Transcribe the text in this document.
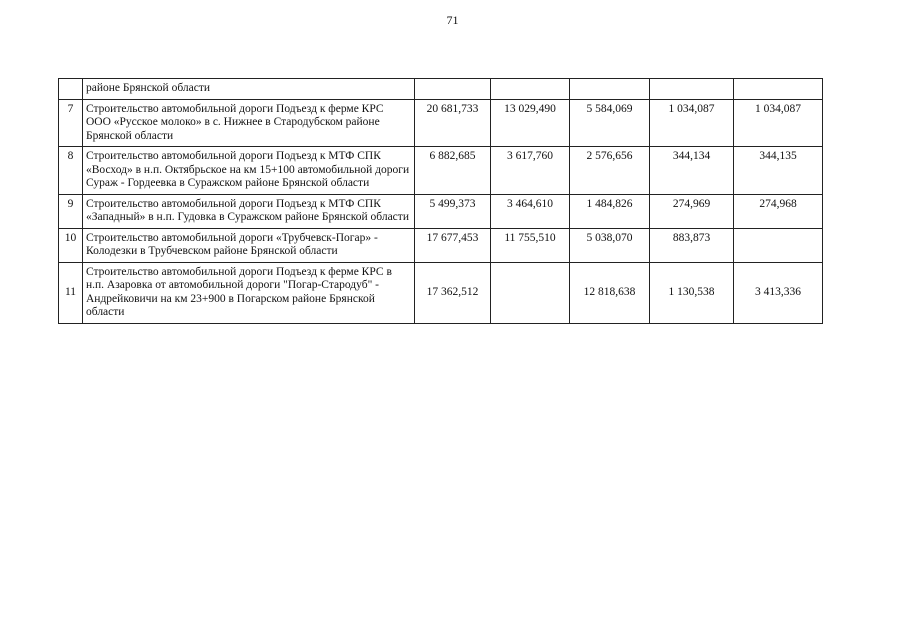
71
	районе Брянской области					
7	Строительство автомобильной дороги Подъезд к ферме КРС ООО «Русское молоко» в с. Нижнее в Стародубском районе Брянской области	20 681,733	13 029,490	5 584,069	1 034,087	1 034,087
8	Строительство автомобильной дороги Подъезд к МТФ СПК «Восход» в н.п. Октябрьское на км 15+100 автомобильной дороги Сураж - Гордеевка в Суражском районе Брянской области	6 882,685	3 617,760	2 576,656	344,134	344,135
9	Строительство автомобильной дороги Подъезд к МТФ СПК «Западный» в н.п. Гудовка в Суражском районе Брянской области	5 499,373	3 464,610	1 484,826	274,969	274,968
10	Строительство автомобильной дороги «Трубчевск-Погар» - Колодезки в Трубчевском районе Брянской области	17 677,453	11 755,510	5 038,070	883,873	
11	Строительство автомобильной дороги Подъезд к ферме КРС в н.п. Азаровка от автомобильной дороги "Погар-Стародуб" - Андрейковичи на км 23+900 в Погарском районе Брянской области	17 362,512		12 818,638	1 130,538	3 413,336
